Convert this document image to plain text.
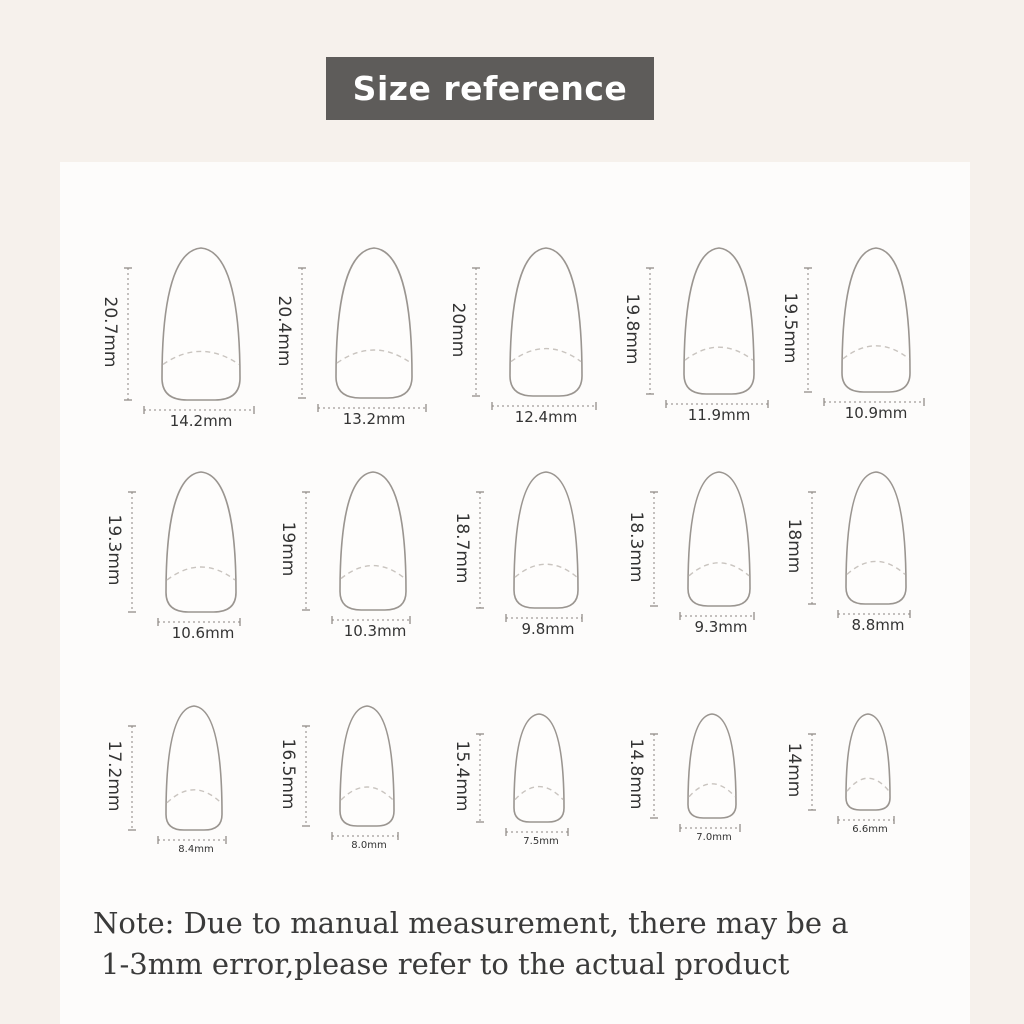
Size reference
20.7mm
14.2mm
20.4mm
13.2mm
20mm
12.4mm
19.8mm
11.9mm
19.5mm
10.9mm
19.3mm
10.6mm
19mm
10.3mm
18.7mm
9.8mm
18.3mm
9.3mm
18mm
8.8mm
17.2mm
8.4mm
16.5mm
8.0mm
15.4mm
7.5mm
14.8mm
7.0mm
14mm
6.6mm
Note: Due to manual measurement, there may be a
1-3mm error,please refer to the actual product
